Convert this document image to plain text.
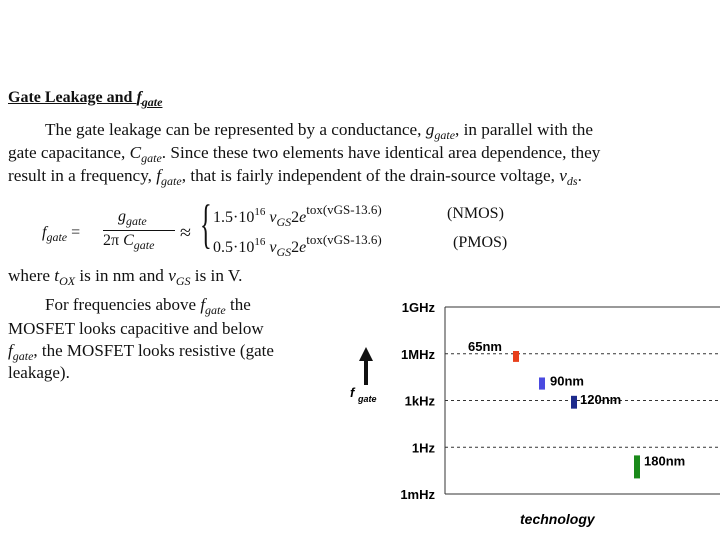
Gate Leakage and $f_{gate}$
The gate leakage can be represented by a conductance, $g_{gate}$, in parallel with the
gate capacitance, $C_{gate}$. Since these two elements have identical area dependence, they
result in a frequency, $f_{gate}$, that is fairly independent of the drain-source voltage, $v_{ds}$.
$f_{gate}$ =
$g_{gate}$
2π $C_{gate}$
≈ { $1.5\cdot 10^{16}$ $v_{GS}2e^{tox(vGS-13.6)}$	(NMOS)
$0.5\cdot 10^{16}$ $v_{GS}2e^{tox(vGS-13.6)}$	(PMOS)
where $t_{OX}$ is in nm and $v_{GS}$ is in V.
For frequencies above $f_{gate}$ the
MOSFET looks capacitive and below
$f_{gate}$, the MOSFET looks resistive (gate
leakage).
1GHz
1MHz
1kHz
1Hz
1mHz
f gate
65nm
90nm
120nm
180nm
technology
